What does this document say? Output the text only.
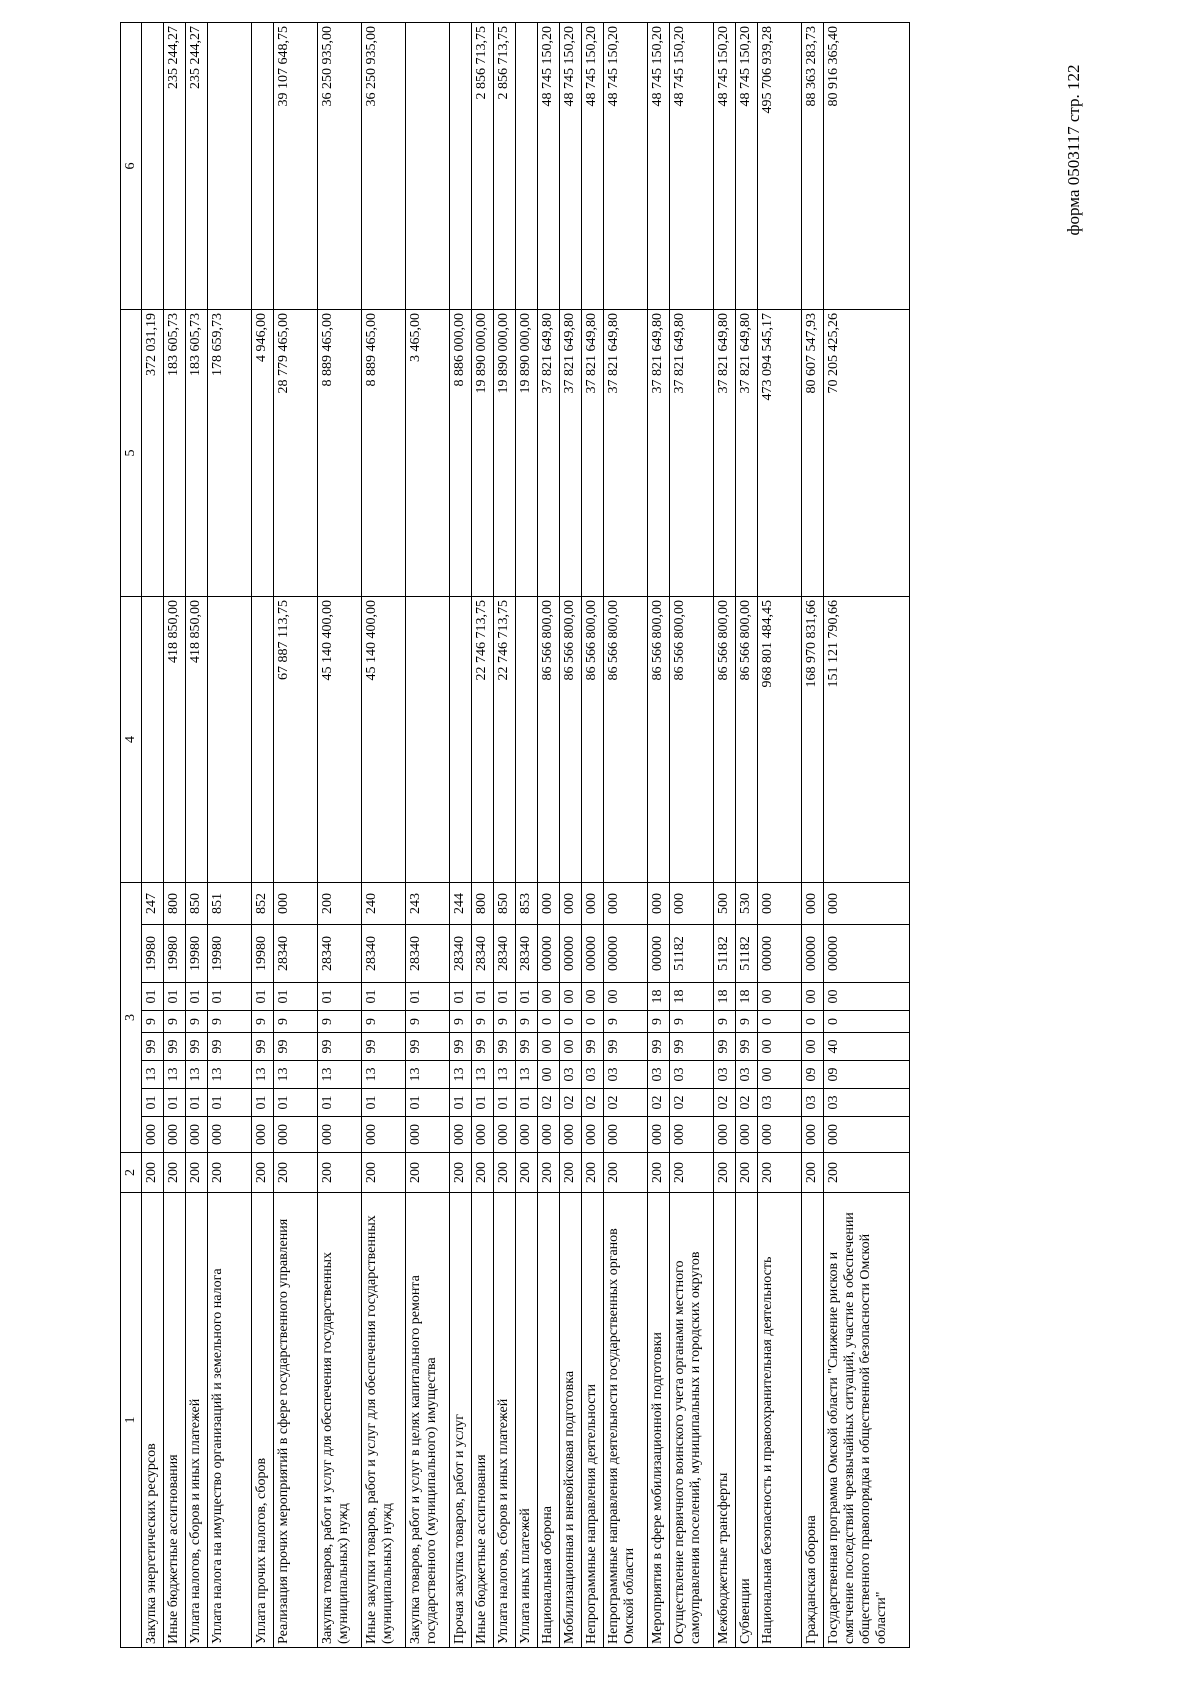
форма 0503117 стр. 122
1	2	3								4	5	6
Закупка энергетических ресурсов	200	000	01	13	99	9	01	19980	247		372 031,19	
Иные бюджетные ассигнования	200	000	01	13	99	9	01	19980	800	418 850,00	183 605,73	235 244,27
Уплата налогов, сборов и иных платежей	200	000	01	13	99	9	01	19980	850	418 850,00	183 605,73	235 244,27
Уплата налога на имущество организаций и земельного налога	200	000	01	13	99	9	01	19980	851		178 659,73	
Уплата прочих налогов, сборов	200	000	01	13	99	9	01	19980	852		4 946,00	
Реализация прочих мероприятий в сфере государственного управления	200	000	01	13	99	9	01	28340	000	67 887 113,75	28 779 465,00	39 107 648,75
Закупка товаров, работ и услуг для обеспечения государственных (муниципальных) нужд	200	000	01	13	99	9	01	28340	200	45 140 400,00	8 889 465,00	36 250 935,00
Иные закупки товаров, работ и услуг для обеспечения государственных (муниципальных) нужд	200	000	01	13	99	9	01	28340	240	45 140 400,00	8 889 465,00	36 250 935,00
Закупка товаров, работ и услуг в целях капитального ремонта государственного (муниципального) имущества	200	000	01	13	99	9	01	28340	243		3 465,00	
Прочая закупка товаров, работ и услуг	200	000	01	13	99	9	01	28340	244		8 886 000,00	
Иные бюджетные ассигнования	200	000	01	13	99	9	01	28340	800	22 746 713,75	19 890 000,00	2 856 713,75
Уплата налогов, сборов и иных платежей	200	000	01	13	99	9	01	28340	850	22 746 713,75	19 890 000,00	2 856 713,75
Уплата иных платежей	200	000	01	13	99	9	01	28340	853		19 890 000,00	
Национальная оборона	200	000	02	00	00	0	00	00000	000	86 566 800,00	37 821 649,80	48 745 150,20
Мобилизационная и вневойсковая подготовка	200	000	02	03	00	0	00	00000	000	86 566 800,00	37 821 649,80	48 745 150,20
Непрограммные направления деятельности	200	000	02	03	99	0	00	00000	000	86 566 800,00	37 821 649,80	48 745 150,20
Непрограммные направления деятельности государственных органов Омской области	200	000	02	03	99	9	00	00000	000	86 566 800,00	37 821 649,80	48 745 150,20
Мероприятия в сфере мобилизационной подготовки	200	000	02	03	99	9	18	00000	000	86 566 800,00	37 821 649,80	48 745 150,20
Осуществление первичного воинского учета органами местного самоуправления поселений, муниципальных и городских округов	200	000	02	03	99	9	18	51182	000	86 566 800,00	37 821 649,80	48 745 150,20
Межбюджетные трансферты	200	000	02	03	99	9	18	51182	500	86 566 800,00	37 821 649,80	48 745 150,20
Субвенции	200	000	02	03	99	9	18	51182	530	86 566 800,00	37 821 649,80	48 745 150,20
Национальная безопасность и правоохранительная деятельность	200	000	03	00	00	0	00	00000	000	968 801 484,45	473 094 545,17	495 706 939,28
Гражданская оборона	200	000	03	09	00	0	00	00000	000	168 970 831,66	80 607 547,93	88 363 283,73
Государственная программа Омской области "Снижение рисков и смягчение последствий чрезвычайных ситуаций, участие в обеспечении общественного правопорядка и общественной безопасности Омской области"	200	000	03	09	40	0	00	00000	000	151 121 790,66	70 205 425,26	80 916 365,40
